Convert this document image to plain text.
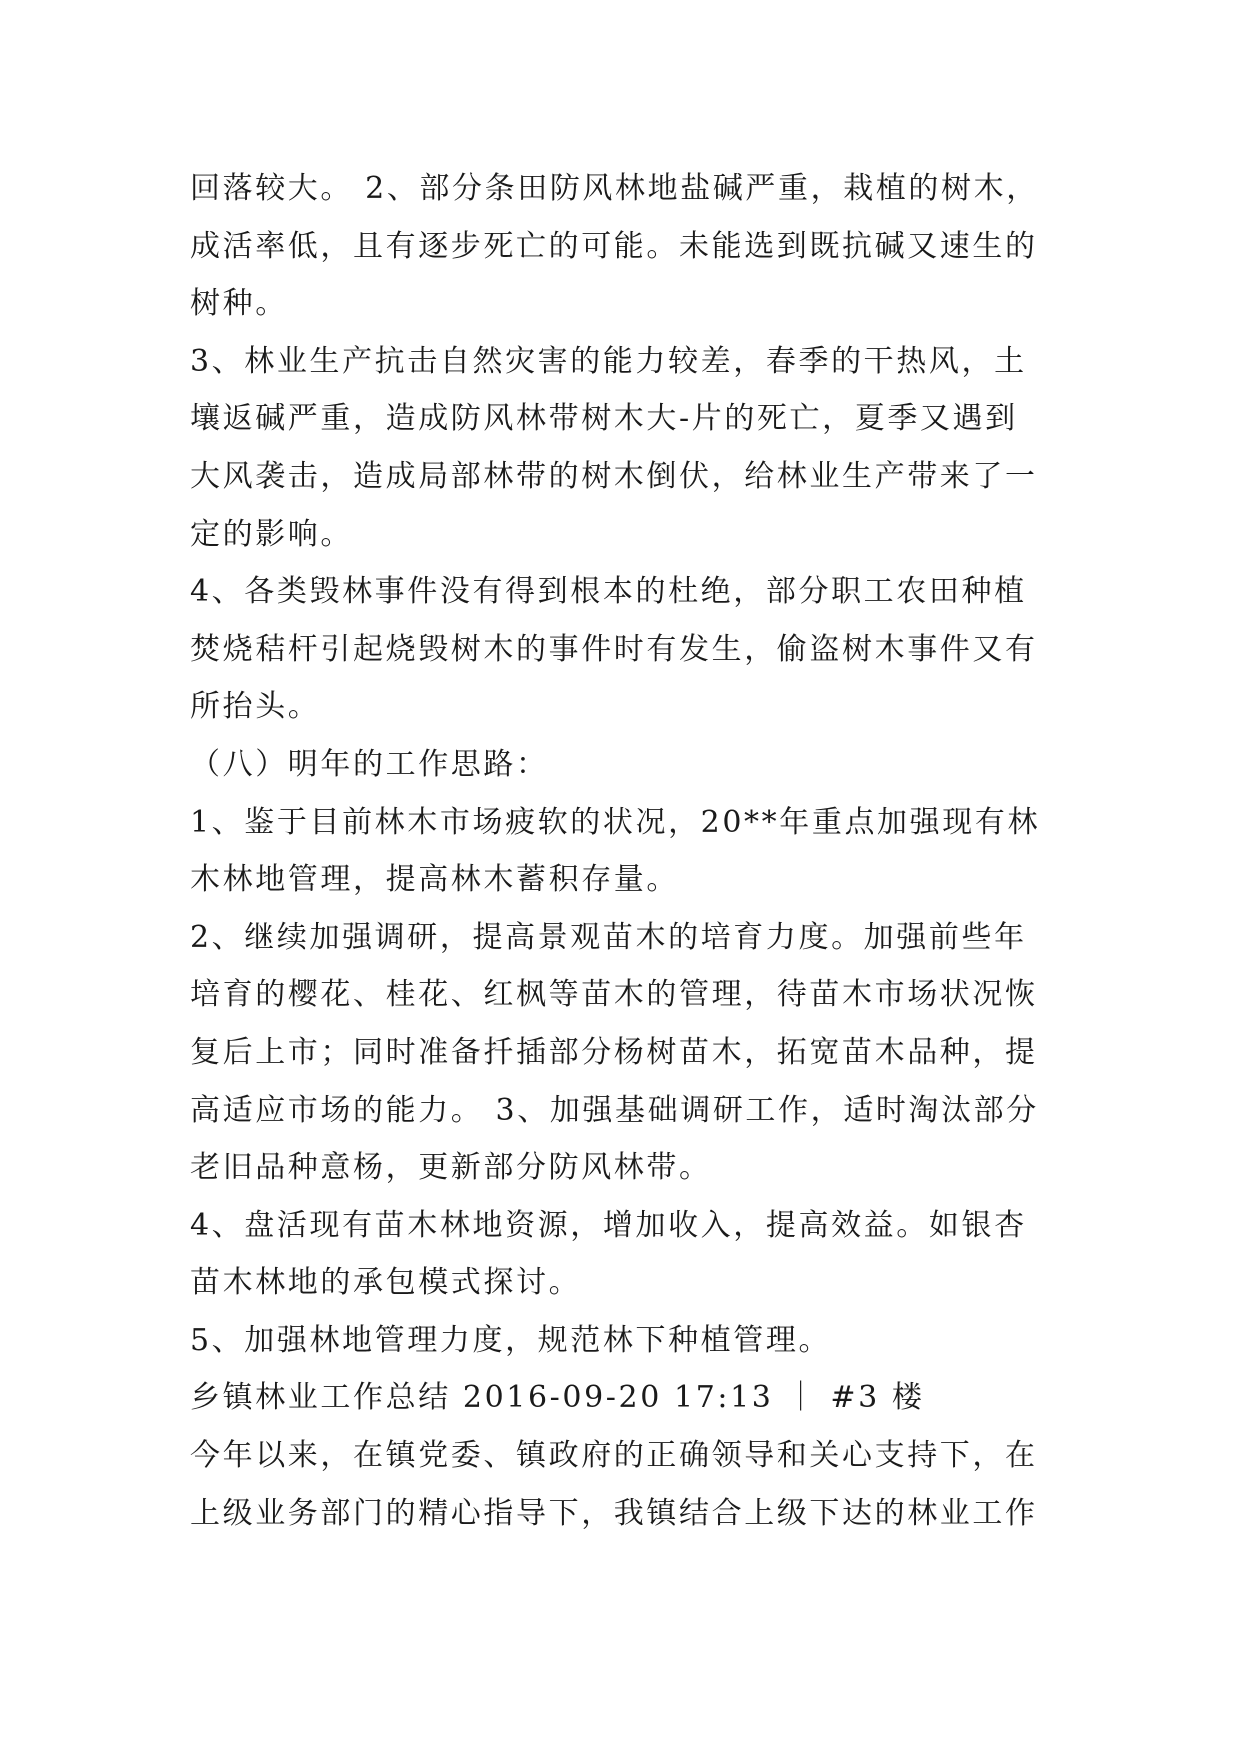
回落较大。 2、部分条田防风林地盐碱严重，栽植的树木，
成活率低，且有逐步死亡的可能。未能选到既抗碱又速生的
树种。
3、林业生产抗击自然灾害的能力较差，春季的干热风，土
壤返碱严重，造成防风林带树木大-片的死亡，夏季又遇到
大风袭击，造成局部林带的树木倒伏，给林业生产带来了一
定的影响。
4、各类毁林事件没有得到根本的杜绝，部分职工农田种植
焚烧秸杆引起烧毁树木的事件时有发生，偷盗树木事件又有
所抬头。
（八）明年的工作思路：
1、鉴于目前林木市场疲软的状况，20**年重点加强现有林
木林地管理，提高林木蓄积存量。
2、继续加强调研，提高景观苗木的培育力度。加强前些年
培育的樱花、桂花、红枫等苗木的管理，待苗木市场状况恢
复后上市；同时准备扦插部分杨树苗木，拓宽苗木品种，提
高适应市场的能力。 3、加强基础调研工作，适时淘汰部分
老旧品种意杨，更新部分防风林带。
4、盘活现有苗木林地资源，增加收入，提高效益。如银杏
苗木林地的承包模式探讨。
5、加强林地管理力度，规范林下种植管理。
乡镇林业工作总结 2016-09-20 17:13 ｜ #3 楼
今年以来，在镇党委、镇政府的正确领导和关心支持下，在
上级业务部门的精心指导下，我镇结合上级下达的林业工作
